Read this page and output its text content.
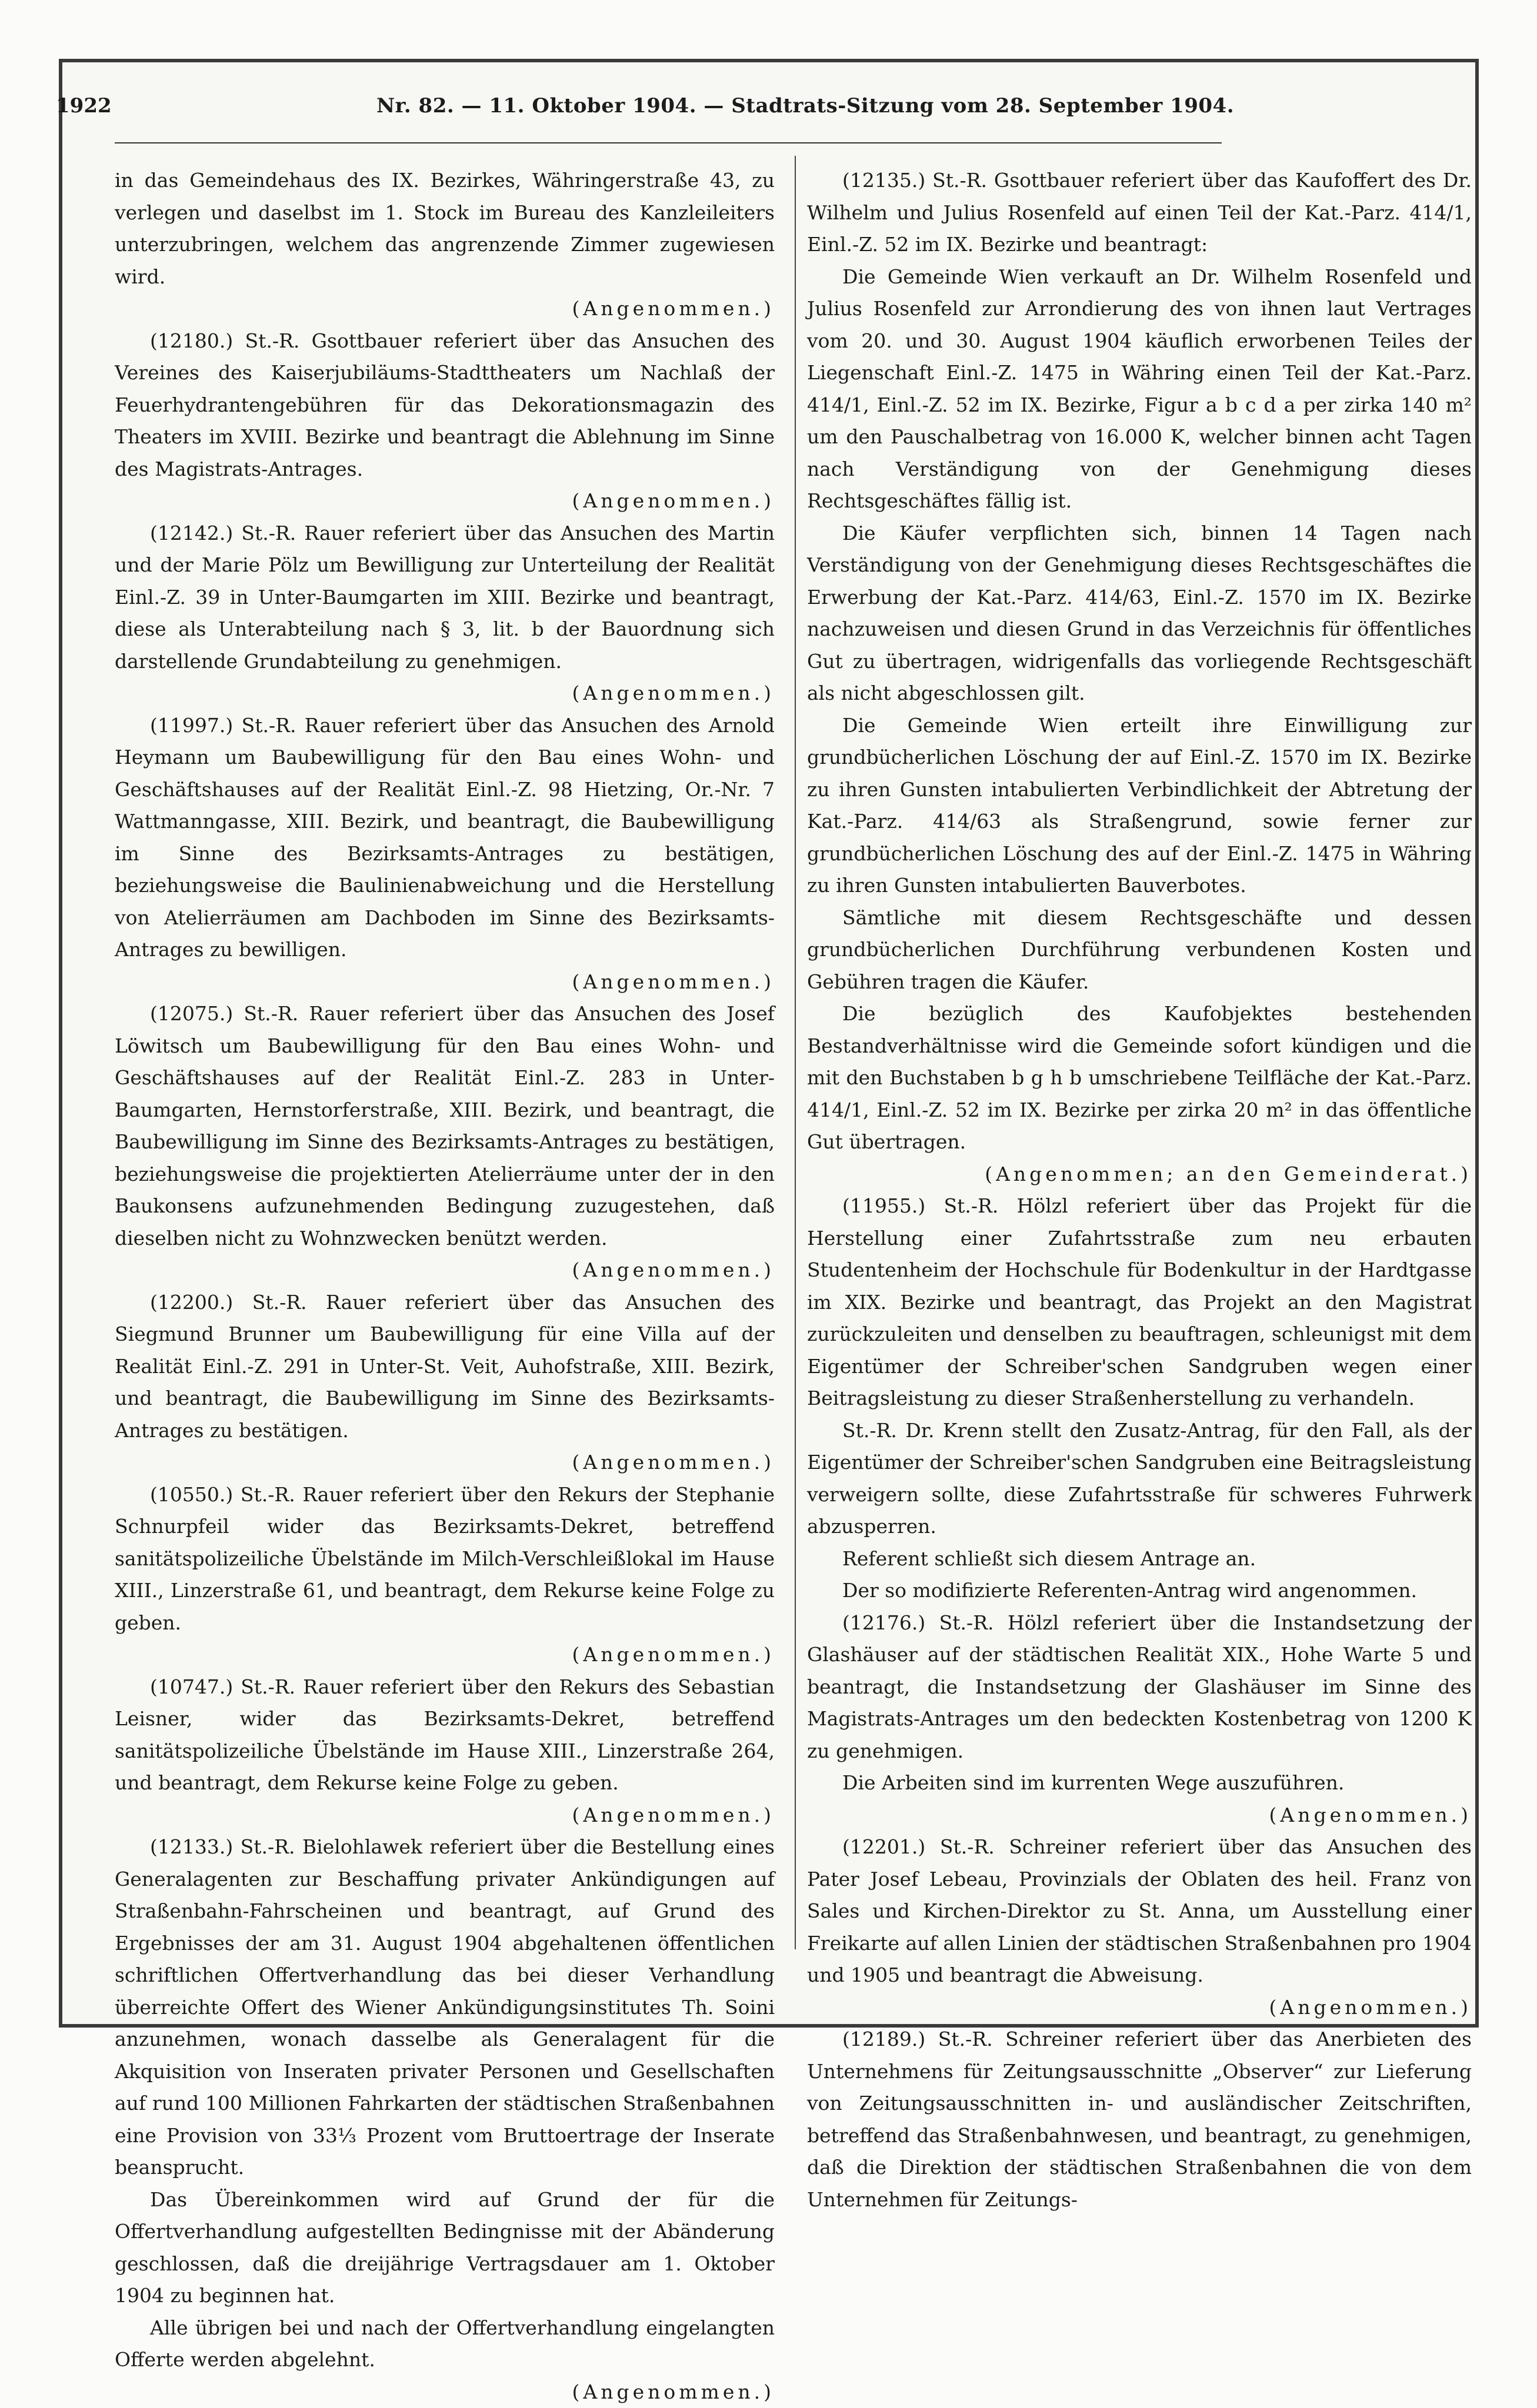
1922	Nr. 82. — 11. Oktober 1904. — Stadtrats-Sitzung vom 28. September 1904.

in das Gemeindehaus des IX. Bezirkes, Währingerstraße 43, zu verlegen und daselbst im 1. Stock im Bureau des Kanzleileiters unterzubringen, welchem das angrenzende Zimmer zugewiesen wird.

(Angenommen.)

(12180.) St.-R. Gsottbauer referiert über das Ansuchen des Vereines des Kaiserjubiläums-Stadttheaters um Nachlaß der Feuerhydrantengebühren für das Dekorationsmagazin des Theaters im XVIII. Bezirke und beantragt die Ablehnung im Sinne des Magistrats-Antrages.

(Angenommen.)

(12142.) St.-R. Rauer referiert über das Ansuchen des Martin und der Marie Pölz um Bewilligung zur Unterteilung der Realität Einl.-Z. 39 in Unter-Baumgarten im XIII. Bezirke und beantragt, diese als Unterabteilung nach § 3, lit. b der Bauordnung sich darstellende Grundabteilung zu genehmigen.

(Angenommen.)

(11997.) St.-R. Rauer referiert über das Ansuchen des Arnold Heymann um Baubewilligung für den Bau eines Wohn- und Geschäftshauses auf der Realität Einl.-Z. 98 Hietzing, Or.-Nr. 7 Wattmanngasse, XIII. Bezirk, und beantragt, die Baubewilligung im Sinne des Bezirksamts-Antrages zu bestätigen, beziehungsweise die Baulinienabweichung und die Herstellung von Atelierräumen am Dachboden im Sinne des Bezirksamts-Antrages zu bewilligen.

(Angenommen.)

(12075.) St.-R. Rauer referiert über das Ansuchen des Josef Löwitsch um Baubewilligung für den Bau eines Wohn- und Geschäftshauses auf der Realität Einl.-Z. 283 in Unter-Baumgarten, Hernstorferstraße, XIII. Bezirk, und beantragt, die Baubewilligung im Sinne des Bezirksamts-Antrages zu bestätigen, beziehungsweise die projektierten Atelierräume unter der in den Baukonsens aufzunehmenden Bedingung zuzugestehen, daß dieselben nicht zu Wohnzwecken benützt werden.

(Angenommen.)

(12200.) St.-R. Rauer referiert über das Ansuchen des Siegmund Brunner um Baubewilligung für eine Villa auf der Realität Einl.-Z. 291 in Unter-St. Veit, Auhofstraße, XIII. Bezirk, und beantragt, die Baubewilligung im Sinne des Bezirksamts-Antrages zu bestätigen.

(Angenommen.)

(10550.) St.-R. Rauer referiert über den Rekurs der Stephanie Schnurpfeil wider das Bezirksamts-Dekret, betreffend sanitätspolizeiliche Übelstände im Milch-Verschleißlokal im Hause XIII., Linzerstraße 61, und beantragt, dem Rekurse keine Folge zu geben.

(Angenommen.)

(10747.) St.-R. Rauer referiert über den Rekurs des Sebastian Leisner, wider das Bezirksamts-Dekret, betreffend sanitätspolizeiliche Übelstände im Hause XIII., Linzerstraße 264, und beantragt, dem Rekurse keine Folge zu geben.

(Angenommen.)

(12133.) St.-R. Bielohlawek referiert über die Bestellung eines Generalagenten zur Beschaffung privater Ankündigungen auf Straßenbahn-Fahrscheinen und beantragt, auf Grund des Ergebnisses der am 31. August 1904 abgehaltenen öffentlichen schriftlichen Offertverhandlung das bei dieser Verhandlung überreichte Offert des Wiener Ankündigungsinstitutes Th. Soini anzunehmen, wonach dasselbe als Generalagent für die Akquisition von Inseraten privater Personen und Gesellschaften auf rund 100 Millionen Fahrkarten der städtischen Straßenbahnen eine Provision von 33⅓ Prozent vom Bruttoertrage der Inserate beansprucht.

Das Übereinkommen wird auf Grund der für die Offertverhandlung aufgestellten Bedingnisse mit der Abänderung geschlossen, daß die dreijährige Vertragsdauer am 1. Oktober 1904 zu beginnen hat.

Alle übrigen bei und nach der Offertverhandlung eingelangten Offerte werden abgelehnt.

(Angenommen.)

(12135.) St.-R. Gsottbauer referiert über das Kaufoffert des Dr. Wilhelm und Julius Rosenfeld auf einen Teil der Kat.-Parz. 414/1, Einl.-Z. 52 im IX. Bezirke und beantragt:

Die Gemeinde Wien verkauft an Dr. Wilhelm Rosenfeld und Julius Rosenfeld zur Arrondierung des von ihnen laut Vertrages vom 20. und 30. August 1904 käuflich erworbenen Teiles der Liegenschaft Einl.-Z. 1475 in Währing einen Teil der Kat.-Parz. 414/1, Einl.-Z. 52 im IX. Bezirke, Figur a b c d a per zirka 140 m² um den Pauschalbetrag von 16.000 K, welcher binnen acht Tagen nach Verständigung von der Genehmigung dieses Rechtsgeschäftes fällig ist.

Die Käufer verpflichten sich, binnen 14 Tagen nach Verständigung von der Genehmigung dieses Rechtsgeschäftes die Erwerbung der Kat.-Parz. 414/63, Einl.-Z. 1570 im IX. Bezirke nachzuweisen und diesen Grund in das Verzeichnis für öffentliches Gut zu übertragen, widrigenfalls das vorliegende Rechtsgeschäft als nicht abgeschlossen gilt.

Die Gemeinde Wien erteilt ihre Einwilligung zur grundbücherlichen Löschung der auf Einl.-Z. 1570 im IX. Bezirke zu ihren Gunsten intabulierten Verbindlichkeit der Abtretung der Kat.-Parz. 414/63 als Straßengrund, sowie ferner zur grundbücherlichen Löschung des auf der Einl.-Z. 1475 in Währing zu ihren Gunsten intabulierten Bauverbotes.

Sämtliche mit diesem Rechtsgeschäfte und dessen grundbücherlichen Durchführung verbundenen Kosten und Gebühren tragen die Käufer.

Die bezüglich des Kaufobjektes bestehenden Bestandverhältnisse wird die Gemeinde sofort kündigen und die mit den Buchstaben b g h b umschriebene Teilfläche der Kat.-Parz. 414/1, Einl.-Z. 52 im IX. Bezirke per zirka 20 m² in das öffentliche Gut übertragen.

(Angenommen; an den Gemeinderat.)

(11955.) St.-R. Hölzl referiert über das Projekt für die Herstellung einer Zufahrtsstraße zum neu erbauten Studentenheim der Hochschule für Bodenkultur in der Hardtgasse im XIX. Bezirke und beantragt, das Projekt an den Magistrat zurückzuleiten und denselben zu beauftragen, schleunigst mit dem Eigentümer der Schreiber'schen Sandgruben wegen einer Beitragsleistung zu dieser Straßenherstellung zu verhandeln.

St.-R. Dr. Krenn stellt den Zusatz-Antrag, für den Fall, als der Eigentümer der Schreiber'schen Sandgruben eine Beitragsleistung verweigern sollte, diese Zufahrtsstraße für schweres Fuhrwerk abzusperren.

Referent schließt sich diesem Antrage an.

Der so modifizierte Referenten-Antrag wird angenommen.

(12176.) St.-R. Hölzl referiert über die Instandsetzung der Glashäuser auf der städtischen Realität XIX., Hohe Warte 5 und beantragt, die Instandsetzung der Glashäuser im Sinne des Magistrats-Antrages um den bedeckten Kostenbetrag von 1200 K zu genehmigen.

Die Arbeiten sind im kurrenten Wege auszuführen.

(Angenommen.)

(12201.) St.-R. Schreiner referiert über das Ansuchen des Pater Josef Lebeau, Provinzials der Oblaten des heil. Franz von Sales und Kirchen-Direktor zu St. Anna, um Ausstellung einer Freikarte auf allen Linien der städtischen Straßenbahnen pro 1904 und 1905 und beantragt die Abweisung.

(Angenommen.)

(12189.) St.-R. Schreiner referiert über das Anerbieten des Unternehmens für Zeitungsausschnitte „Observer“ zur Lieferung von Zeitungsausschnitten in- und ausländischer Zeitschriften, betreffend das Straßenbahnwesen, und beantragt, zu genehmigen, daß die Direktion der städtischen Straßenbahnen die von dem Unternehmen für Zeitungs-
